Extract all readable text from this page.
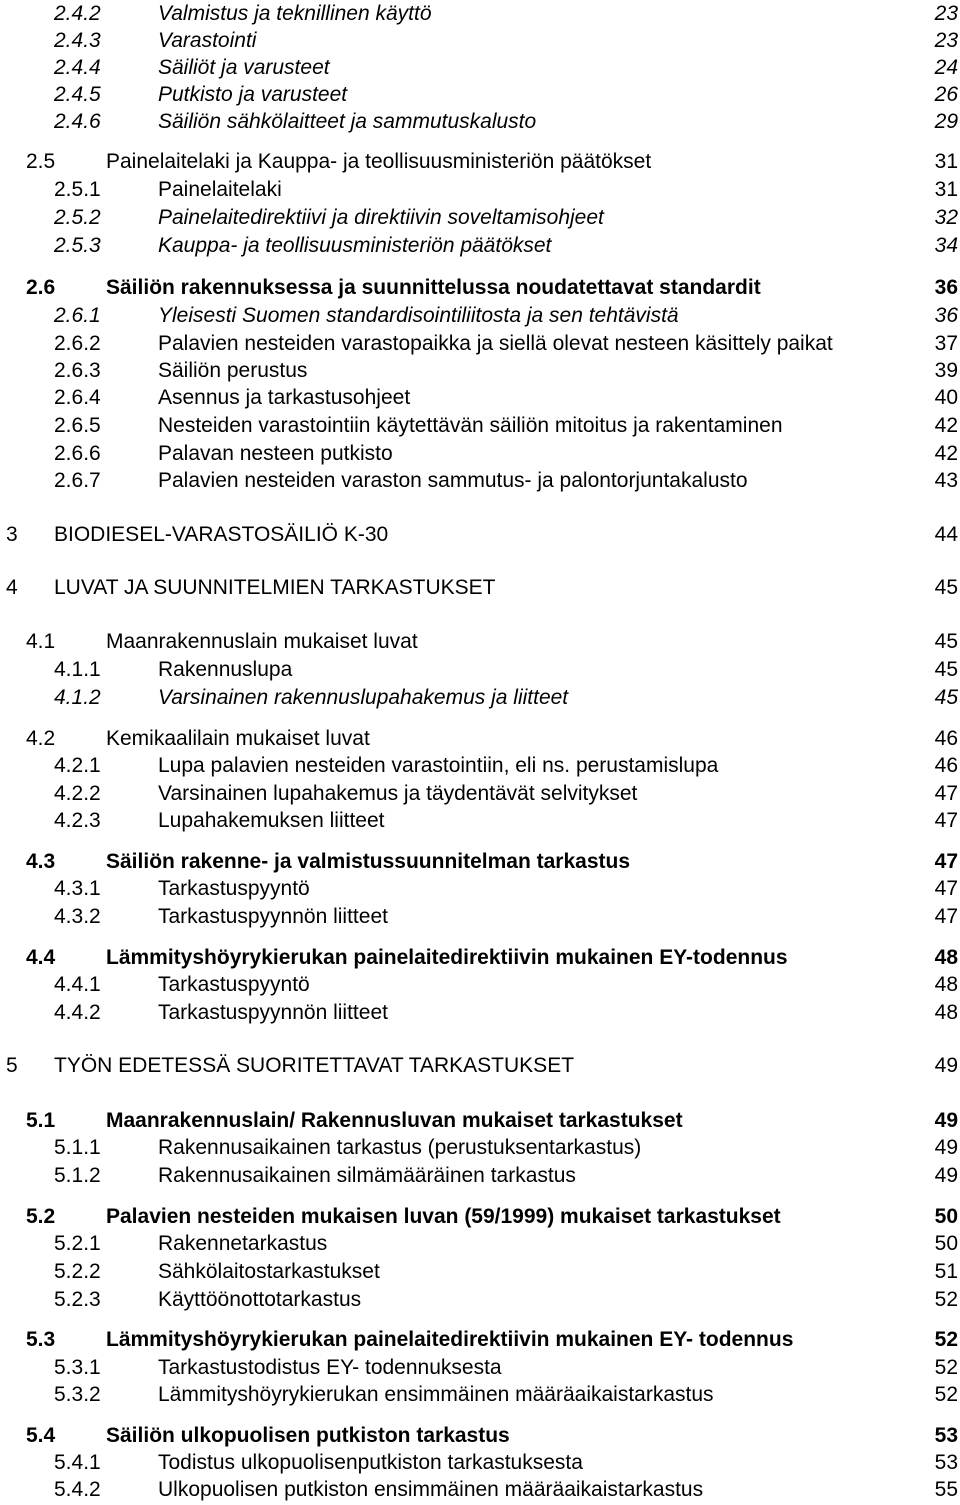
2.4.2	Valmistus ja teknillinen käyttö	23
2.4.3	Varastointi	23
2.4.4	Säiliöt ja varusteet	24
2.4.5	Putkisto ja varusteet	26
2.4.6	Säiliön sähkölaitteet ja sammutuskalusto	29
2.5 Painelaitelaki ja Kauppa- ja teollisuusministeriön päätökset	31
2.5.1	Painelaitelaki	31
2.5.2	Painelaitedirektiivi ja direktiivin soveltamisohjeet	32
2.5.3	Kauppa- ja teollisuusministeriön päätökset	34
2.6 Säiliön rakennuksessa ja suunnittelussa noudatettavat standardit	36
2.6.1	Yleisesti Suomen standardisointiliitosta ja sen tehtävistä	36
2.6.2	Palavien nesteiden varastopaikka ja siellä olevat nesteen käsittely paikat	37
2.6.3	Säiliön perustus	39
2.6.4	Asennus ja tarkastusohjeet	40
2.6.5	Nesteiden varastointiin käytettävän säiliön mitoitus ja rakentaminen	42
2.6.6	Palavan nesteen putkisto	42
2.6.7	Palavien nesteiden varaston sammutus- ja palontorjuntakalusto	43
3 BIODIESEL-VARASTOSÄILIÖ K-30	44
4 LUVAT JA SUUNNITELMIEN TARKASTUKSET	45
4.1 Maanrakennuslain mukaiset luvat	45
4.1.1	Rakennuslupa	45
4.1.2	Varsinainen rakennuslupahakemus ja liitteet	45
4.2 Kemikaalilain mukaiset luvat	46
4.2.1	Lupa palavien nesteiden varastointiin, eli ns. perustamislupa	46
4.2.2	Varsinainen lupahakemus ja täydentävät selvitykset	47
4.2.3	Lupahakemuksen liitteet	47
4.3 Säiliön rakenne- ja valmistussuunnitelman tarkastus	47
4.3.1	Tarkastuspyyntö	47
4.3.2	Tarkastuspyynnön liitteet	47
4.4 Lämmityshöyrykierukan painelaitedirektiivin mukainen EY-todennus	48
4.4.1	Tarkastuspyyntö	48
4.4.2	Tarkastuspyynnön liitteet	48
5 TYÖN EDETESSÄ SUORITETTAVAT TARKASTUKSET	49
5.1 Maanrakennuslain/ Rakennusluvan mukaiset tarkastukset	49
5.1.1	Rakennusaikainen tarkastus (perustuksentarkastus)	49
5.1.2	Rakennusaikainen silmämääräinen tarkastus	49
5.2 Palavien nesteiden mukaisen luvan (59/1999) mukaiset tarkastukset	50
5.2.1	Rakennetarkastus	50
5.2.2	Sähkölaitostarkastukset	51
5.2.3	Käyttöönottotarkastus	52
5.3 Lämmityshöyrykierukan painelaitedirektiivin mukainen EY- todennus	52
5.3.1	Tarkastustodistus EY- todennuksesta	52
5.3.2	Lämmityshöyrykierukan ensimmäinen määräaikaistarkastus	52
5.4 Säiliön ulkopuolisen putkiston tarkastus	53
5.4.1	Todistus ulkopuolisenputkiston tarkastuksesta	53
5.4.2	Ulkopuolisen putkiston ensimmäinen määräaikaistarkastus	55
